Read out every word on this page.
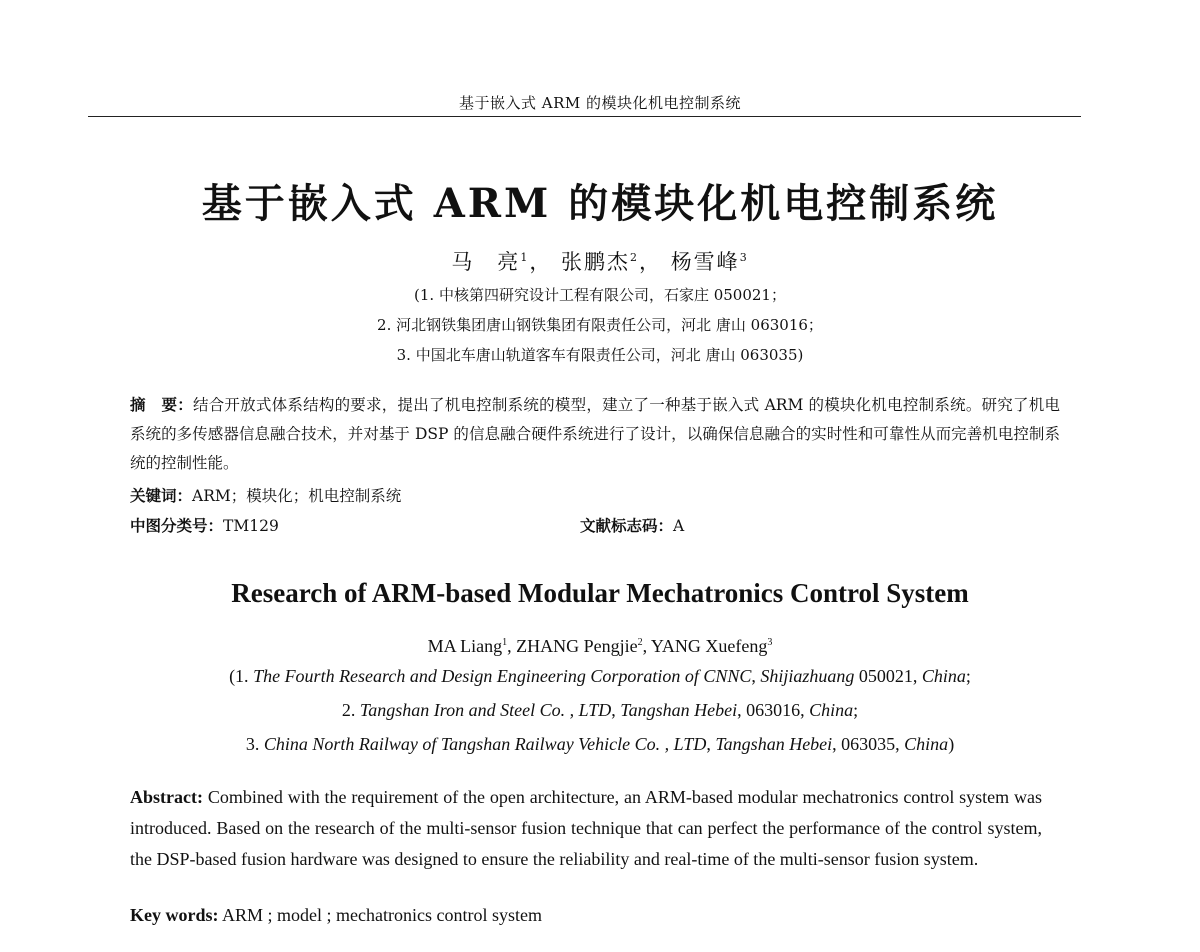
基于嵌入式 ARM 的模块化机电控制系统
基于嵌入式 ARM 的模块化机电控制系统
马　亮$^1$， 张鹏杰$^2$， 杨雪峰$^3$
(1. 中核第四研究设计工程有限公司，石家庄 050021；
2. 河北钢铁集团唐山钢铁集团有限责任公司，河北 唐山 063016；
3. 中国北车唐山轨道客车有限责任公司，河北 唐山 063035)
摘　要：结合开放式体系结构的要求，提出了机电控制系统的模型，建立了一种基于嵌入式 ARM 的模块化机电控制系统。研究了机电系统的多传感器信息融合技术，并对基于 DSP 的信息融合硬件系统进行了设计，以确保信息融合的实时性和可靠性从而完善机电控制系统的控制性能。
关键词：ARM；模块化；机电控制系统
中图分类号：TM129	文献标志码：A
Research of ARM-based Modular Mechatronics Control System
MA Liang$^1$, ZHANG Pengjie$^2$, YANG Xuefeng$^3$
(1. The Fourth Research and Design Engineering Corporation of CNNC, Shijiazhuang 050021, China;
2. Tangshan Iron and Steel Co. , LTD, Tangshan Hebei, 063016, China;
3. China North Railway of Tangshan Railway Vehicle Co. , LTD, Tangshan Hebei, 063035, China)
Abstract: Combined with the requirement of the open architecture, an ARM-based modular mechatronics control system was introduced. Based on the research of the multi-sensor fusion technique that can perfect the performance of the control system, the DSP-based fusion hardware was designed to ensure the reliability and real-time of the multi-sensor fusion system.
Key words: ARM ; model ; mechatronics control system
